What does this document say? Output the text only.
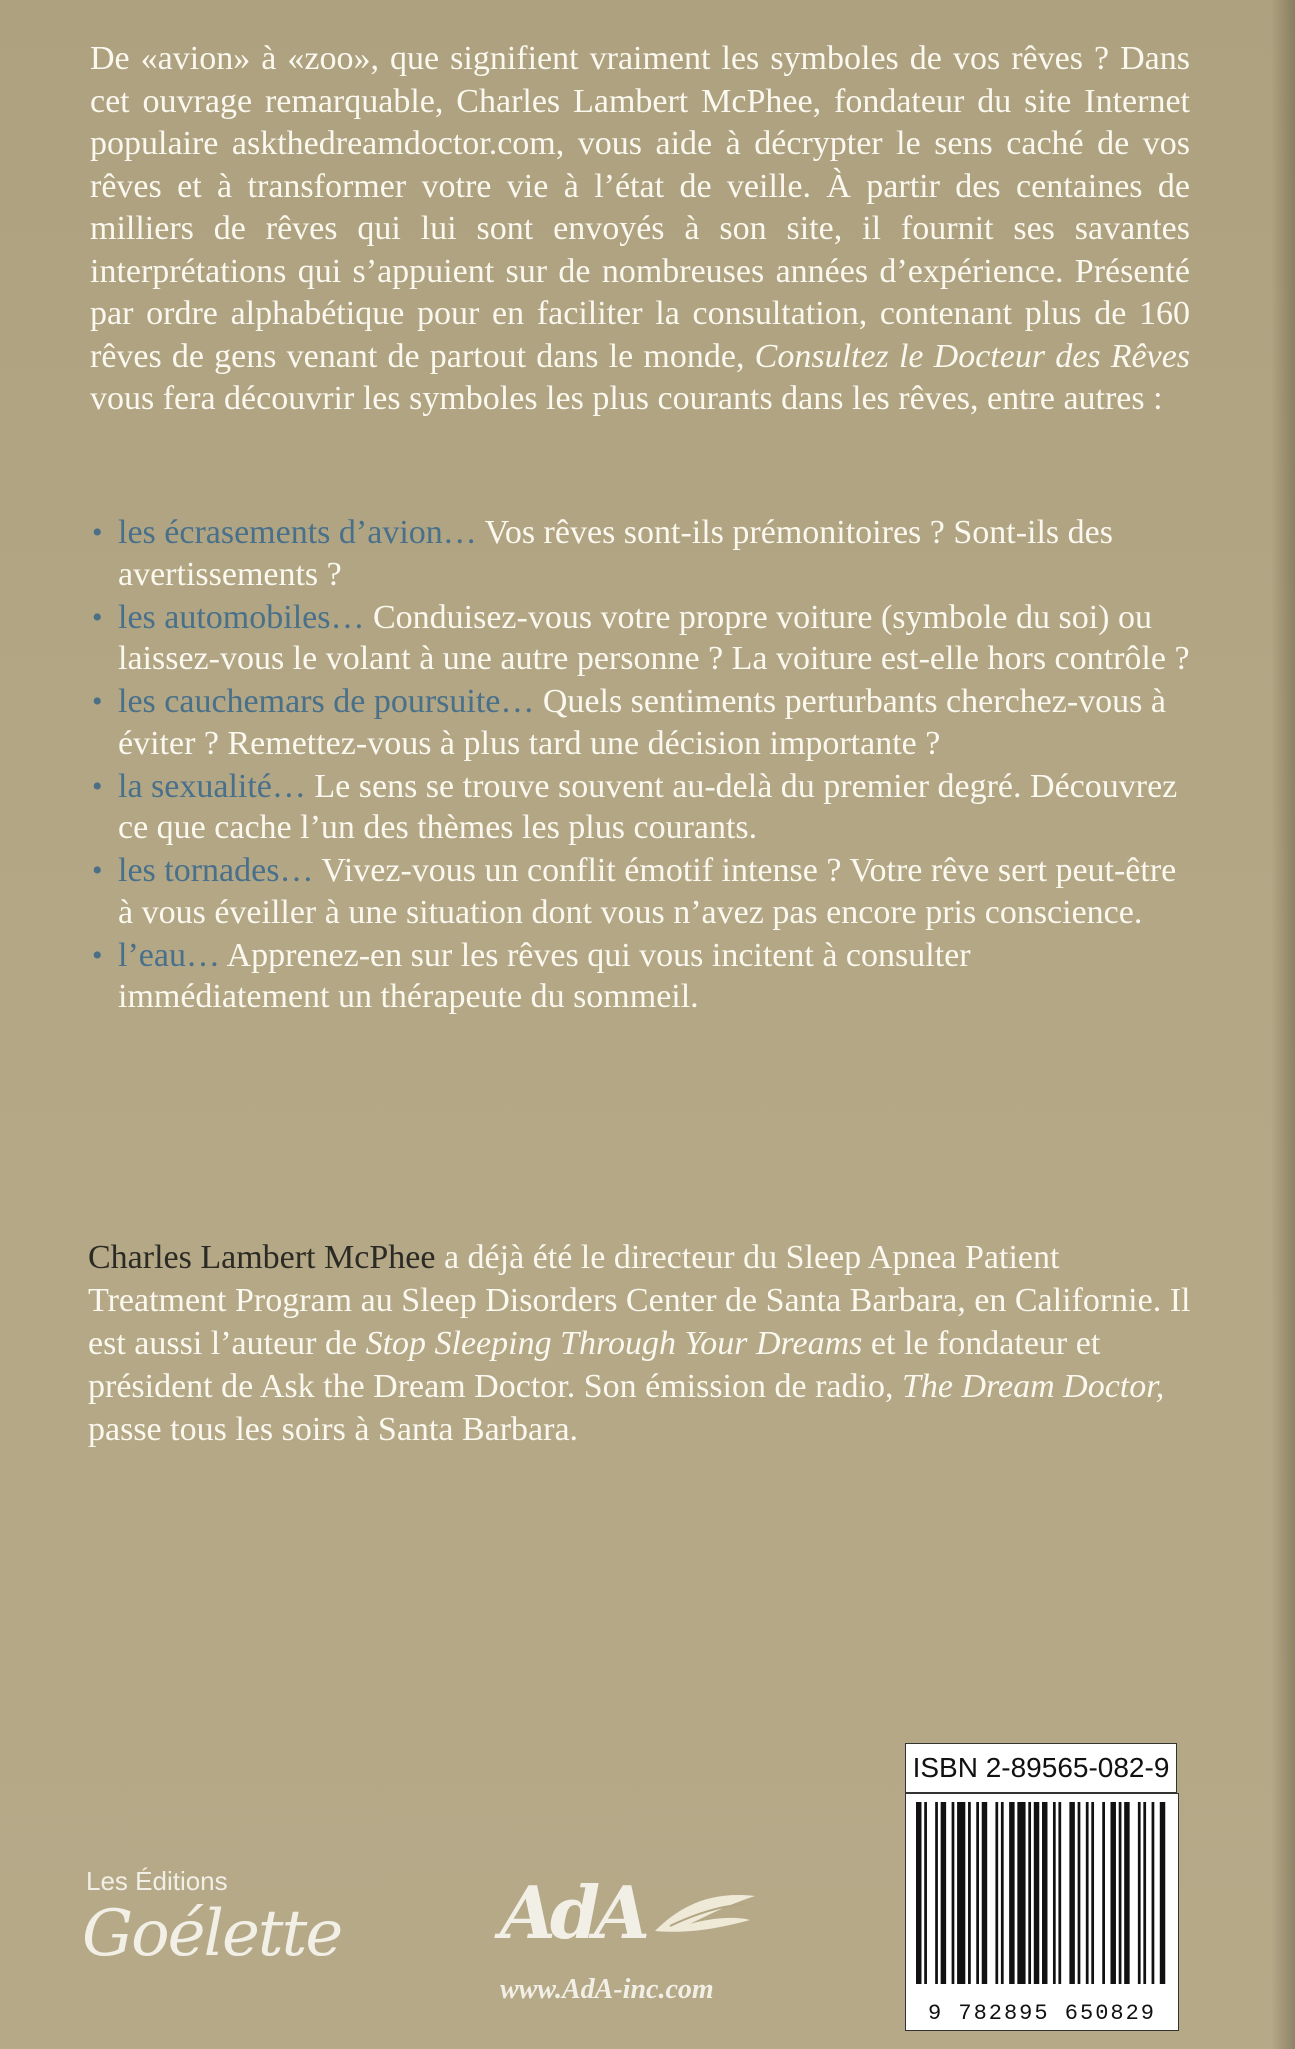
De «avion» à «zoo», que signifient vraiment les symboles de vos rêves ? Dans cet ouvrage remarquable, Charles Lambert McPhee, fondateur du site Internet populaire askthedreamdoctor.com, vous aide à décrypter le sens caché de vos rêves et à transformer votre vie à l’état de veille. À partir des centaines de milliers de rêves qui lui sont envoyés à son site, il fournit ses savantes interprétations qui s’appuient sur de nombreuses années d’expérience. Présenté par ordre alphabétique pour en faciliter la consultation, contenant plus de 160 rêves de gens venant de partout dans le monde, Consultez le Docteur des Rêves vous fera découvrir les symboles les plus courants dans les rêves, entre autres :

• les écrasements d’avion… Vos rêves sont-ils prémonitoires ? Sont-ils des avertissements ?
• les automobiles… Conduisez-vous votre propre voiture (symbole du soi) ou laissez-vous le volant à une autre personne ? La voiture est-elle hors contrôle ?
• les cauchemars de poursuite… Quels sentiments perturbants cherchez-vous à éviter ? Remettez-vous à plus tard une décision importante ?
• la sexualité… Le sens se trouve souvent au-delà du premier degré. Découvrez ce que cache l’un des thèmes les plus courants.
• les tornades… Vivez-vous un conflit émotif intense ? Votre rêve sert peut-être à vous éveiller à une situation dont vous n’avez pas encore pris conscience.
• l’eau… Apprenez-en sur les rêves qui vous incitent à consulter immédiatement un thérapeute du sommeil.

Charles Lambert McPhee a déjà été le directeur du Sleep Apnea Patient Treatment Program au Sleep Disorders Center de Santa Barbara, en Californie. Il est aussi l’auteur de Stop Sleeping Through Your Dreams et le fondateur et président de Ask the Dream Doctor. Son émission de radio, The Dream Doctor, passe tous les soirs à Santa Barbara.

ISBN 2-89565-082-9
9 782895 650829
Les Éditions
Goélette AdA
www.AdA-inc.com
